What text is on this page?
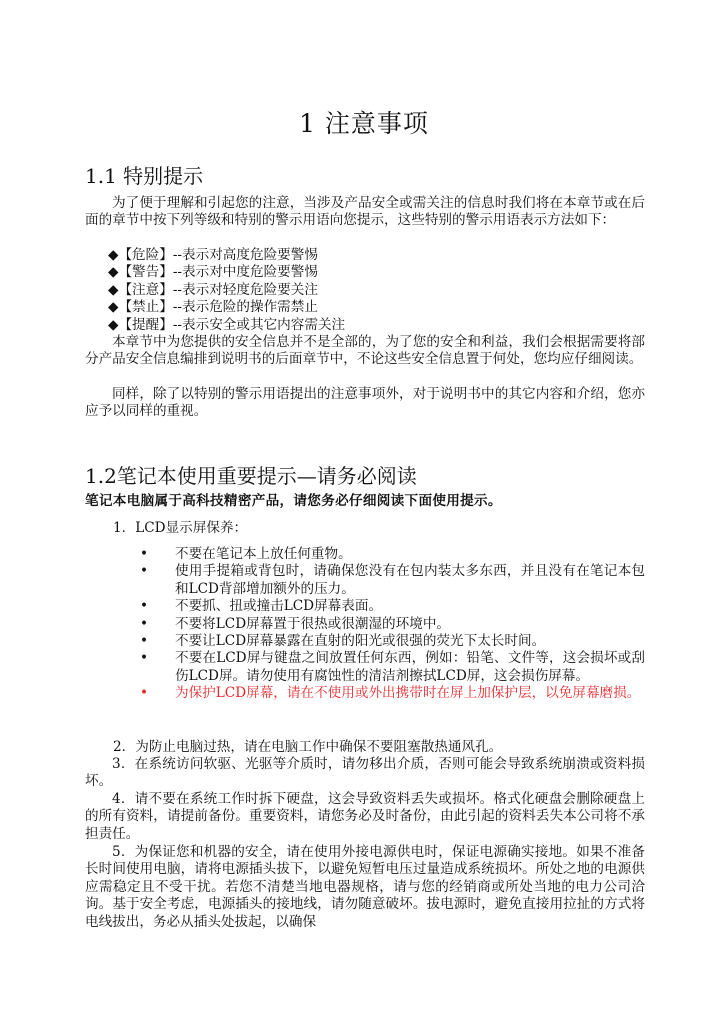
1 注意事项
1.1 特别提示

为了便于理解和引起您的注意，当涉及产品安全或需关注的信息时我们将在本章节或在后面的章节中按下列等级和特别的警示用语向您提示，这些特别的警示用语表示方法如下：

◆【危险】--表示对高度危险要警惕
◆【警告】--表示对中度危险要警惕
◆【注意】--表示对轻度危险要关注
◆【禁止】--表示危险的操作需禁止
◆【提醒】--表示安全或其它内容需关注

本章节中为您提供的安全信息并不是全部的，为了您的安全和利益，我们会根据需要将部分产品安全信息编排到说明书的后面章节中，不论这些安全信息置于何处，您均应仔细阅读。

同样，除了以特别的警示用语提出的注意事项外，对于说明书中的其它内容和介绍，您亦应予以同样的重视。

1.2笔记本使用重要提示—请务必阅读
笔记本电脑属于高科技精密产品，请您务必仔细阅读下面使用提示。
1．LCD显示屏保养：
• 不要在笔记本上放任何重物。
• 使用手提箱或背包时，请确保您没有在包内装太多东西，并且没有在笔记本包和LCD背部增加额外的压力。
• 不要抓、扭或撞击LCD屏幕表面。
• 不要将LCD屏幕置于很热或很潮湿的环境中。
• 不要让LCD屏幕暴露在直射的阳光或很强的荧光下太长时间。
• 不要在LCD屏与键盘之间放置任何东西，例如：铅笔、文件等，这会损坏或刮伤LCD屏。请勿使用有腐蚀性的清洁剂擦拭LCD屏，这会损伤屏幕。
• 为保护LCD屏幕，请在不使用或外出携带时在屏上加保护层，以免屏幕磨损。
2．为防止电脑过热，请在电脑工作中确保不要阻塞散热通风孔。

3．在系统访问软驱、光驱等介质时，请勿移出介质，否则可能会导致系统崩溃或资料损坏。

4．请不要在系统工作时拆下硬盘，这会导致资料丢失或损坏。格式化硬盘会删除硬盘上的所有资料，请提前备份。重要资料，请您务必及时备份，由此引起的资料丢失本公司将不承担责任。

5．为保证您和机器的安全，请在使用外接电源供电时，保证电源确实接地。如果不准备长时间使用电脑，请将电源插头拔下，以避免短暂电压过量造成系统损坏。所处之地的电源供应需稳定且不受干扰。若您不清楚当地电器规格，请与您的经销商或所处当地的电力公司洽询。基于安全考虑，电源插头的接地线，请勿随意破坏。拔电源时，避免直接用拉扯的方式将电线拔出，务必从插头处拔起，以确保
